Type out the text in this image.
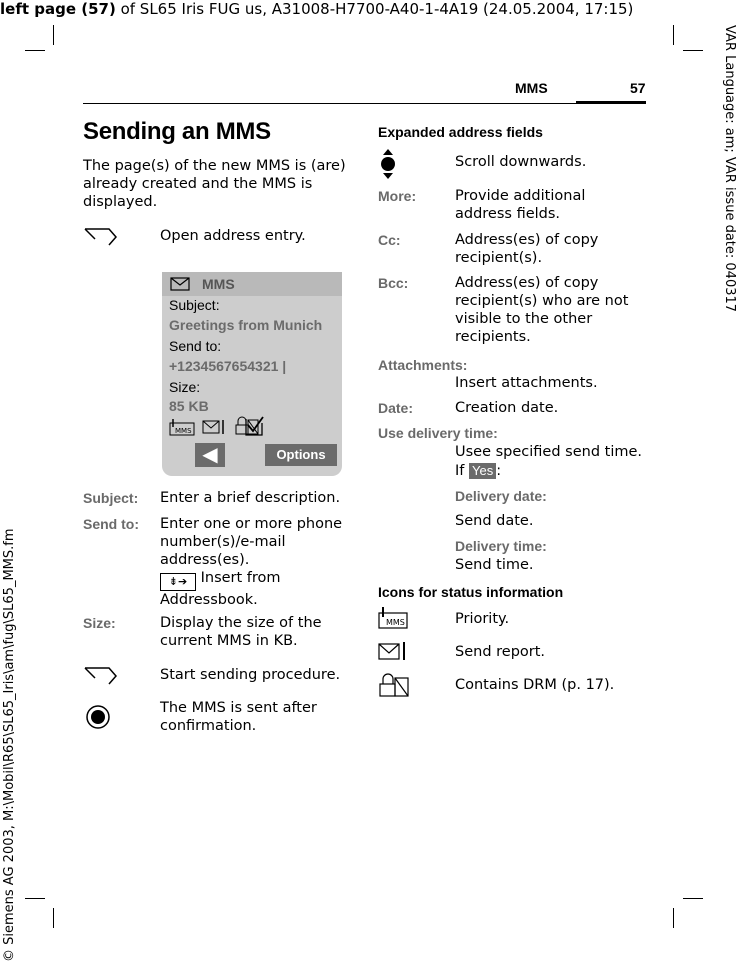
left page (57) of SL65 Iris FUG us, A31008-H7700-A40-1-4A19 (24.05.2004, 17:15)
VAR Language: am; VAR issue date: 040317
© Siemens AG 2003, M:\Mobil\R65\SL65_Iris\am\fug\SL65_MMS.fm
MMS	57
Sending an MMS
The page(s) of the new MMS is (are) already created and the MMS is displayed.
Open address entry.
MMS
Subject:
Greetings from Munich
Send to:
+1234567654321 |
Size:
85 KB
MMS
◀	Options
Subject: Enter a brief description.
Send to: Enter one or more phone number(s)/e-mail address(es).
⇟➔ Insert from Addressbook.
Size:	Display the size of the current MMS in KB.
Start sending procedure.
The MMS is sent after confirmation.
Expanded address fields
Scroll downwards.
More:	Provide additional address fields.
Cc:	Address(es) of copy recipient(s).
Bcc:	Address(es) of copy recipient(s) who are not visible to the other recipients.
Attachments:
Insert attachments.
Date:	Creation date.
Use delivery time:
Usee specified send time.
If Yes :
Delivery date:
Send date.
Delivery time:
Send time.
Icons for status information
MMS	Priority.
Send report.
Contains DRM (p. 17).
